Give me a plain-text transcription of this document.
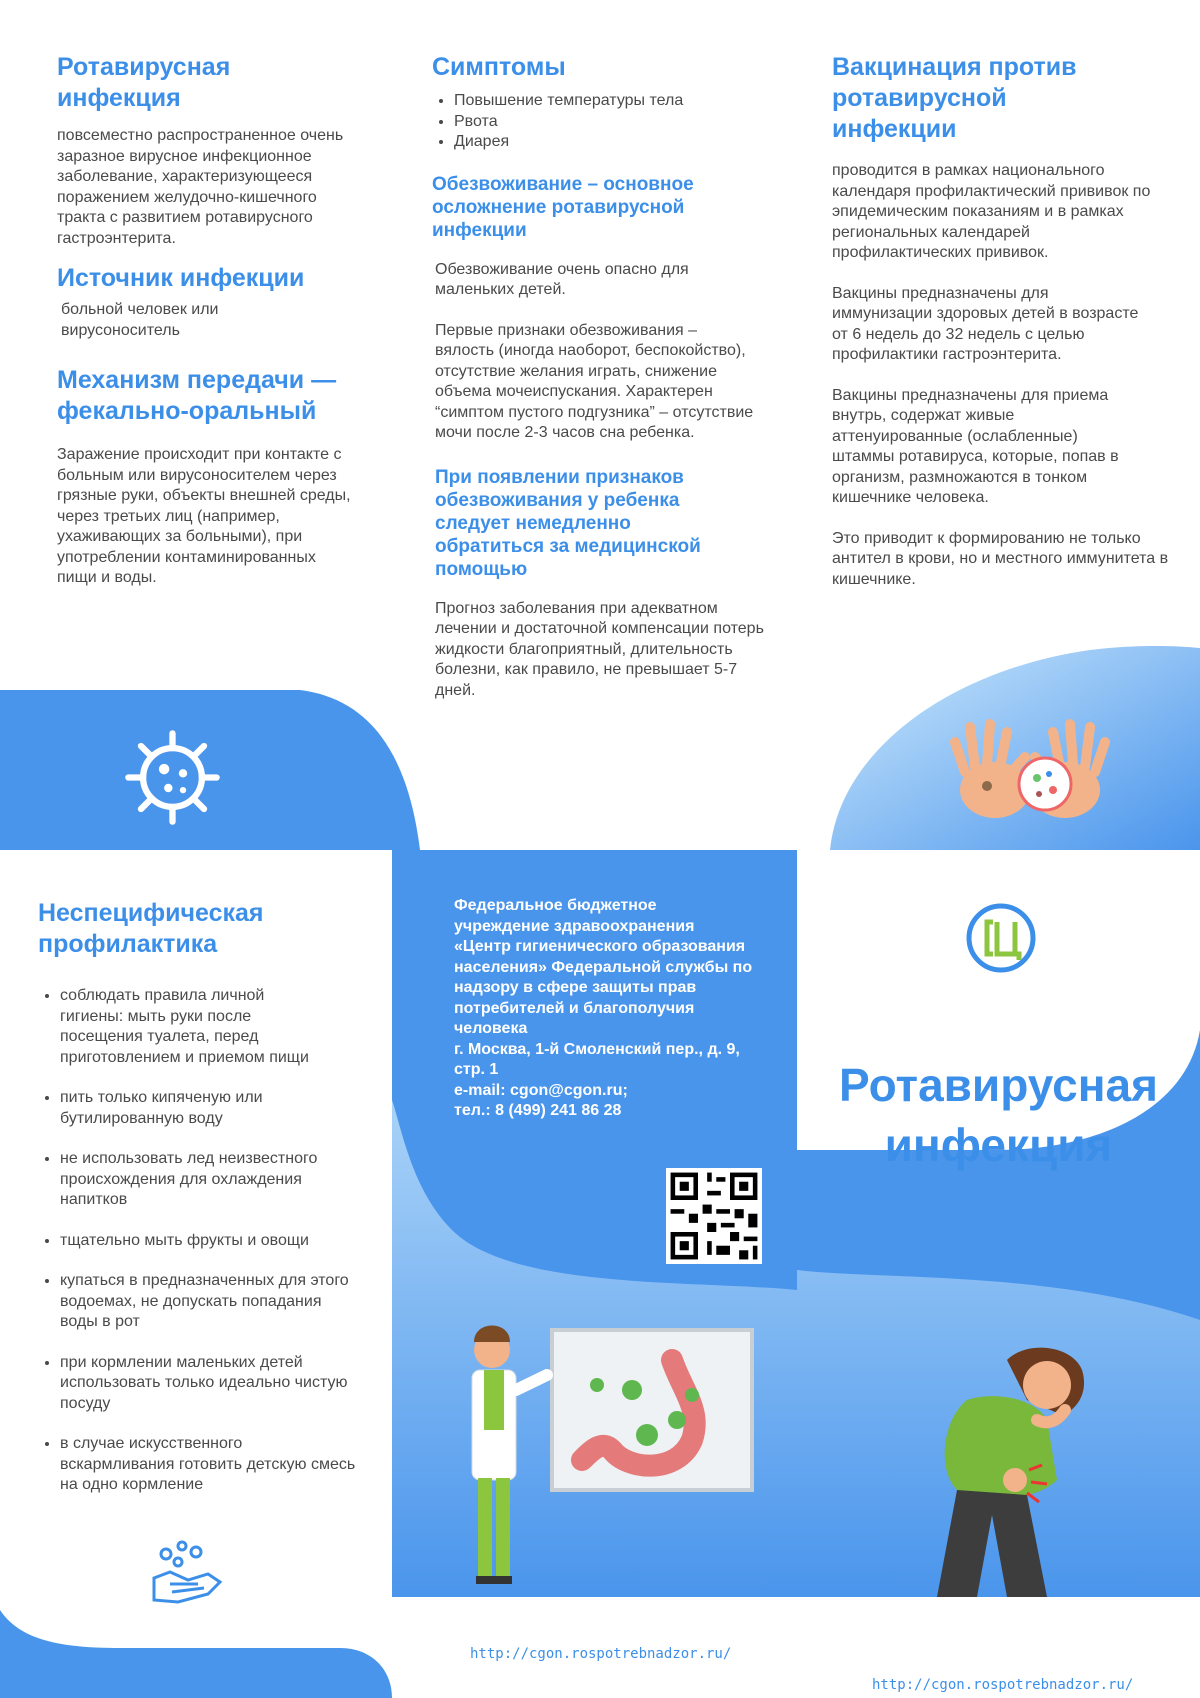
Ротавирусная
инфекция

повсеместно распространенное очень заразное вирусное инфекционное заболевание, характеризующееся поражением желудочно-кишечного тракта с развитием ротавирусного гастроэнтерита.

Источник инфекции

больной человек или вирусоноситель

Механизм передачи —
фекально-оральный

Заражение происходит при контакте с больным или вирусоносителем через грязные руки, объекты внешней среды, через третьих лиц (например, ухаживающих за больными), при употреблении контаминированных пищи и воды.

Симптомы
• Повышение температуры тела
• Рвота
• Диарея
Обезвоживание – основное осложнение ротавирусной инфекции

Обезвоживание очень опасно для маленьких детей.

Первые признаки обезвоживания – вялость (иногда наоборот, беспокойство), отсутствие желания играть, снижение объема мочеиспускания. Характерен “симптом пустого подгузника” – отсутствие мочи после 2-3 часов сна ребенка.

При появлении признаков обезвоживания у ребенка следует немедленно обратиться за медицинской помощью

Прогноз заболевания при адекватном лечении и достаточной компенсации потерь жидкости благоприятный, длительность болезни, как правило, не превышает 5-7 дней.

Вакцинация против ротавирусной инфекции

проводится в рамках национального календаря профилактический прививок по эпидемическим показаниям и в рамках региональных календарей профилактических прививок.

Вакцины предназначены для иммунизации здоровых детей в возрасте от 6 недель до 32 недель с целью профилактики гастроэнтерита.

Вакцины предназначены для приема внутрь, содержат живые аттенуированные (ослабленные) штаммы ротавируса, которые, попав в организм, размножаются в тонком кишечнике человека.

Это приводит к формированию не только антител в крови, но и местного иммунитета в кишечнике.

Неспецифическая
профилактика
• соблюдать правила личной гигиены: мыть руки после посещения туалета, перед приготовлением и приемом пищи
• пить только кипяченую или бутилированную воду
• не использовать лед неизвестного происхождения для охлаждения напитков
• тщательно мыть фрукты и овощи
• купаться в предназначенных для этого водоемах, не допускать попадания воды в рот
• при кормлении маленьких детей использовать только идеально чистую посуду
• в случае искусственного вскармливания готовить детскую смесь на одно кормление
Федеральное бюджетное учреждение здравоохранения «Центр гигиенического образования населения» Федеральной службы по надзору в сфере защиты прав потребителей и благополучия человека
г. Москва, 1-й Смоленский пер., д. 9, стр. 1
e-mail: cgon@cgon.ru;
тел.: 8 (499) 241 86 28
http://cgon.rospotrebnadzor.ru/
Ротавирусная
инфекция
http://cgon.rospotrebnadzor.ru/
